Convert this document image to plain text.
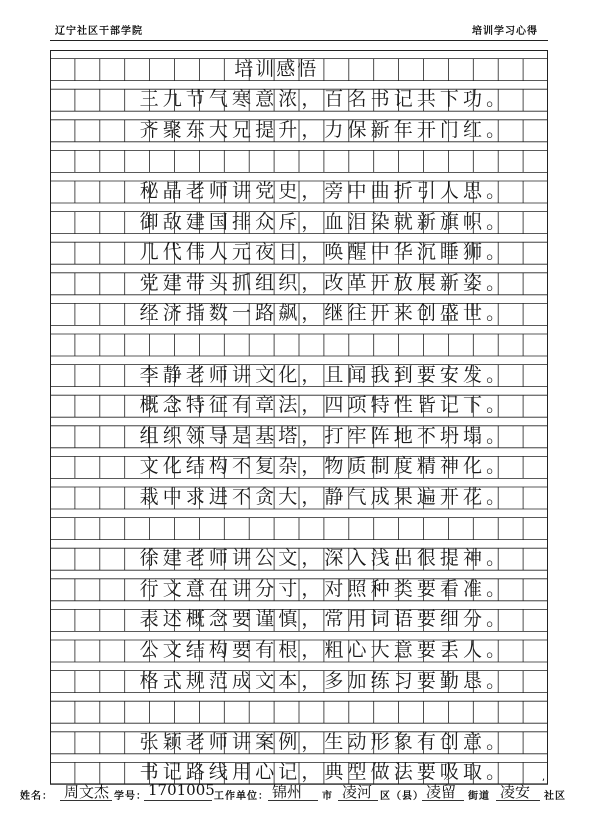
辽宁社区干部学院	培训学习心得
培训感悟
三九节气寒意浓，百名书记共下功。
齐聚东大兄提升，力保新年开门红。
秘晶老师讲党史，旁中曲折引人思。
御敌建国排众斥，血泪染就新旗帜。
几代伟人元夜日，唤醒中华沉睡狮。
党建带头抓组织，改革开放展新姿。
经济指数一路飙，继往开来创盛世。
李静老师讲文化，且闻我到要安发。
概念特征有章法，四项特性皆记下。
组织领导是基塔，打牢阵地不坍塌。
文化结构不复杂，物质制度精神化。
栽中求进不贪大，静气成果遍开花。
徐建老师讲公文，深入浅出很提神。
行文意在讲分寸，对照种类要看准。
表述概念要谨慎，常用词语要细分。
公文结构要有根，粗心大意要丢人。
格式规范成文本，多加练习要勤恳。
张颖老师讲案例，生动形象有创意。
书记路线用心记，典型做法要吸取。
姓名： 周文杰 学号： 1701005 工作单位： 锦州 市 凌河 区（县） 凌留 街道 凌安 社区
,
